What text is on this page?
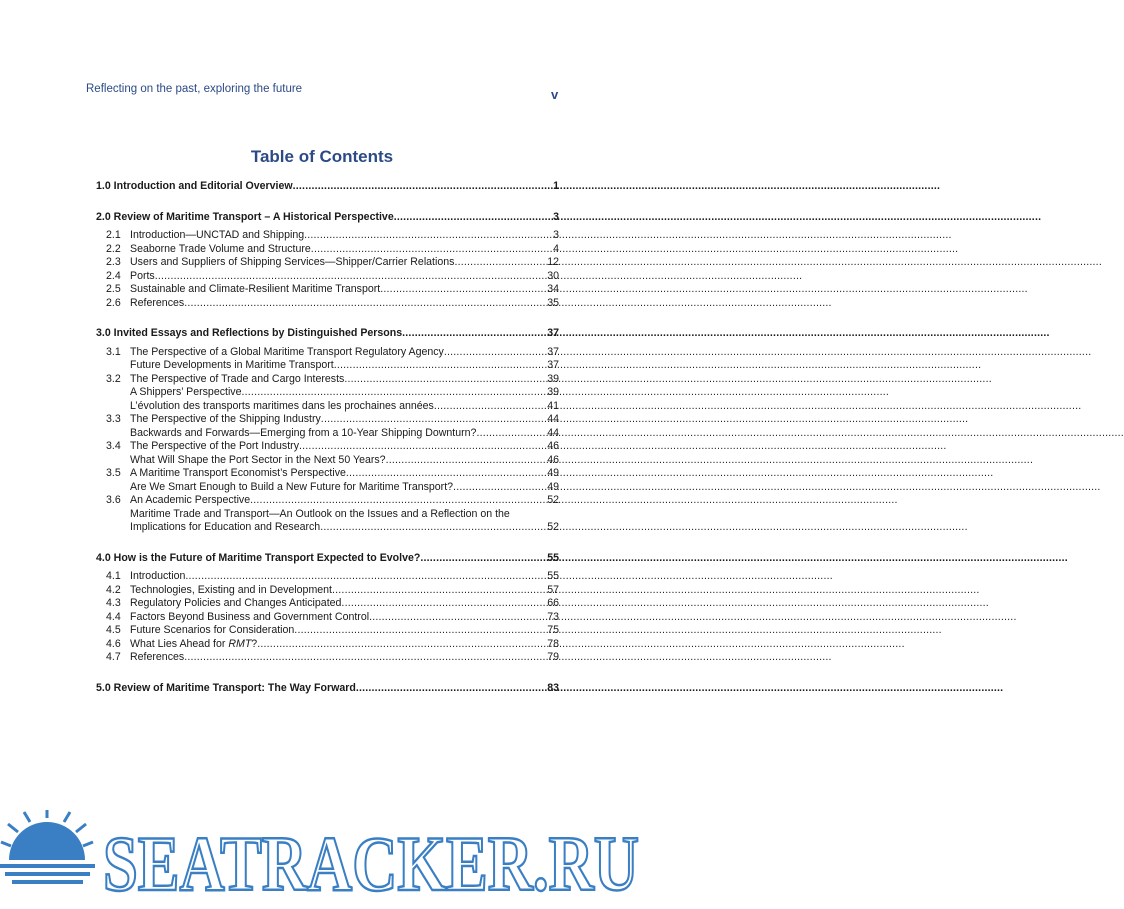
Reflecting on the past, exploring the future	v
Table of Contents
1.0 Introduction and Editorial Overview .....	1
2.0 Review of Maritime Transport – A Historical Perspective .....	3
2.1 Introduction—UNCTAD and Shipping .....	3
2.2 Seaborne Trade Volume and Structure .....	4
2.3 Users and Suppliers of Shipping Services—Shipper/Carrier Relations .....	12
2.4 Ports .....	30
2.5 Sustainable and Climate-Resilient Maritime Transport .....	34
2.6 References .....	35
3.0 Invited Essays and Reflections by Distinguished Persons .....	37
3.1 The Perspective of a Global Maritime Transport Regulatory Agency .....	37
Future Developments in Maritime Transport .....	37
3.2 The Perspective of Trade and Cargo Interests .....	39
A Shippers’ Perspective .....	39
L’évolution des transports maritimes dans les prochaines années .....	41
3.3 The Perspective of the Shipping Industry .....	44
Backwards and Forwards—Emerging from a 10-Year Shipping Downturn? .....	44
3.4 The Perspective of the Port Industry .....	46
What Will Shape the Port Sector in the Next 50 Years? .....	46
3.5 A Maritime Transport Economist’s Perspective .....	49
Are We Smart Enough to Build a New Future for Maritime Transport? .....	49
3.6 An Academic Perspective .....	52
Maritime Trade and Transport—An Outlook on the Issues and a Reflection on the
Implications for Education and Research .....	52
4.0 How is the Future of Maritime Transport Expected to Evolve? .....	55
4.1 Introduction .....	55
4.2 Technologies, Existing and in Development .....	57
4.3 Regulatory Policies and Changes Anticipated .....	66
4.4 Factors Beyond Business and Government Control .....	73
4.5 Future Scenarios for Consideration .....	75
4.6 What Lies Ahead for RMT? .....	78
4.7 References .....	79
5.0 Review of Maritime Transport: The Way Forward .....	83
SEATRACKER.RU
